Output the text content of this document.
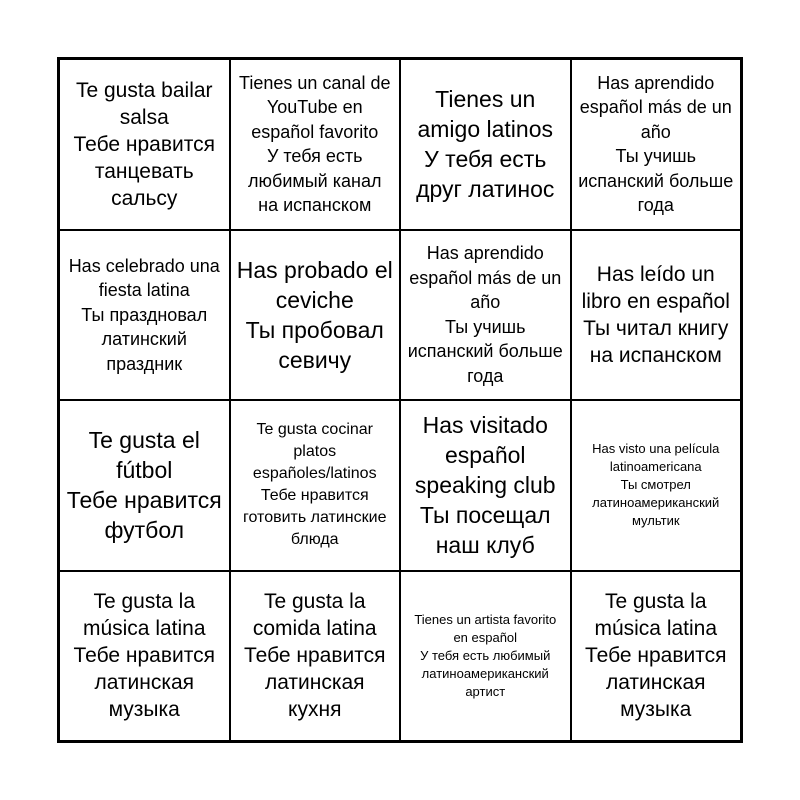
Te gusta bailar salsa
Тебе нравится танцевать сальсу
Tienes un canal de YouTube en español favorito
У тебя есть любимый канал на испанском
Tienes un amigo latinos
У тебя есть друг латинос
Has aprendido español más de un año
Ты учишь испанский больше года
Has celebrado una fiesta latina
Ты праздновал латинский праздник
Has probado el ceviche
Ты пробовал севичу
Has aprendido español más de un año
Ты учишь испанский больше года
Has leído un libro en español
Ты читал книгу на испанском
Te gusta el fútbol
Тебе нравится футбол
Te gusta cocinar platos españoles/latinos
Тебе нравится готовить латинские блюда
Has visitado español speaking club
Ты посещал наш клуб
Has visto una película latinoamericana
Ты смотрел латиноамериканский мультик
Te gusta la música latina
Тебе нравится латинская музыка
Te gusta la comida latina
Тебе нравится латинская кухня
Tienes un artista favorito en español
У тебя есть любимый латиноамериканский артист
Te gusta la música latina
Тебе нравится латинская музыка
